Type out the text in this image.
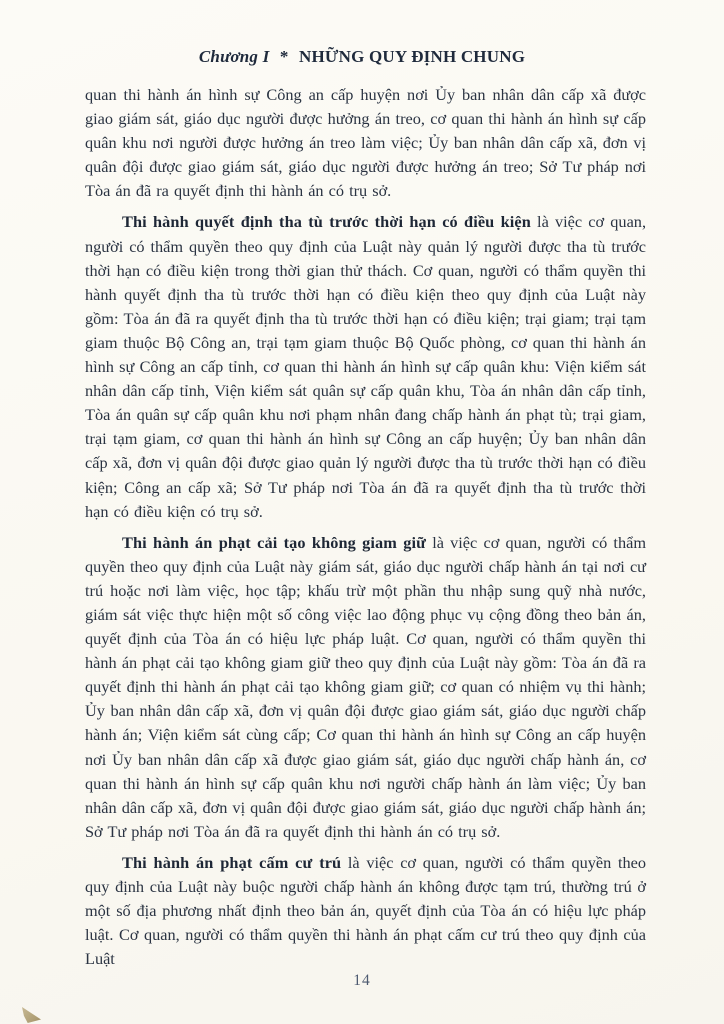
Chương I * NHỮNG QUY ĐỊNH CHUNG

quan thi hành án hình sự Công an cấp huyện nơi Ủy ban nhân dân cấp xã được giao giám sát, giáo dục người được hưởng án treo, cơ quan thi hành án hình sự cấp quân khu nơi người được hưởng án treo làm việc; Ủy ban nhân dân cấp xã, đơn vị quân đội được giao giám sát, giáo dục người được hưởng án treo; Sở Tư pháp nơi Tòa án đã ra quyết định thi hành án có trụ sở.

Thi hành quyết định tha tù trước thời hạn có điều kiện là việc cơ quan, người có thẩm quyền theo quy định của Luật này quản lý người được tha tù trước thời hạn có điều kiện trong thời gian thử thách. Cơ quan, người có thẩm quyền thi hành quyết định tha tù trước thời hạn có điều kiện theo quy định của Luật này gồm: Tòa án đã ra quyết định tha tù trước thời hạn có điều kiện; trại giam; trại tạm giam thuộc Bộ Công an, trại tạm giam thuộc Bộ Quốc phòng, cơ quan thi hành án hình sự Công an cấp tỉnh, cơ quan thi hành án hình sự cấp quân khu: Viện kiểm sát nhân dân cấp tỉnh, Viện kiểm sát quân sự cấp quân khu, Tòa án nhân dân cấp tỉnh, Tòa án quân sự cấp quân khu nơi phạm nhân đang chấp hành án phạt tù; trại giam, trại tạm giam, cơ quan thi hành án hình sự Công an cấp huyện; Ủy ban nhân dân cấp xã, đơn vị quân đội được giao quản lý người được tha tù trước thời hạn có điều kiện; Công an cấp xã; Sở Tư pháp nơi Tòa án đã ra quyết định tha tù trước thời hạn có điều kiện có trụ sở.

Thi hành án phạt cải tạo không giam giữ là việc cơ quan, người có thẩm quyền theo quy định của Luật này giám sát, giáo dục người chấp hành án tại nơi cư trú hoặc nơi làm việc, học tập; khấu trừ một phần thu nhập sung quỹ nhà nước, giám sát việc thực hiện một số công việc lao động phục vụ cộng đồng theo bản án, quyết định của Tòa án có hiệu lực pháp luật. Cơ quan, người có thẩm quyền thi hành án phạt cải tạo không giam giữ theo quy định của Luật này gồm: Tòa án đã ra quyết định thi hành án phạt cải tạo không giam giữ; cơ quan có nhiệm vụ thi hành; Ủy ban nhân dân cấp xã, đơn vị quân đội được giao giám sát, giáo dục người chấp hành án; Viện kiểm sát cùng cấp; Cơ quan thi hành án hình sự Công an cấp huyện nơi Ủy ban nhân dân cấp xã được giao giám sát, giáo dục người chấp hành án, cơ quan thi hành án hình sự cấp quân khu nơi người chấp hành án làm việc; Ủy ban nhân dân cấp xã, đơn vị quân đội được giao giám sát, giáo dục người chấp hành án; Sở Tư pháp nơi Tòa án đã ra quyết định thi hành án có trụ sở.

Thi hành án phạt cấm cư trú là việc cơ quan, người có thẩm quyền theo quy định của Luật này buộc người chấp hành án không được tạm trú, thường trú ở một số địa phương nhất định theo bản án, quyết định của Tòa án có hiệu lực pháp luật. Cơ quan, người có thẩm quyền thi hành án phạt cấm cư trú theo quy định của Luật

14
